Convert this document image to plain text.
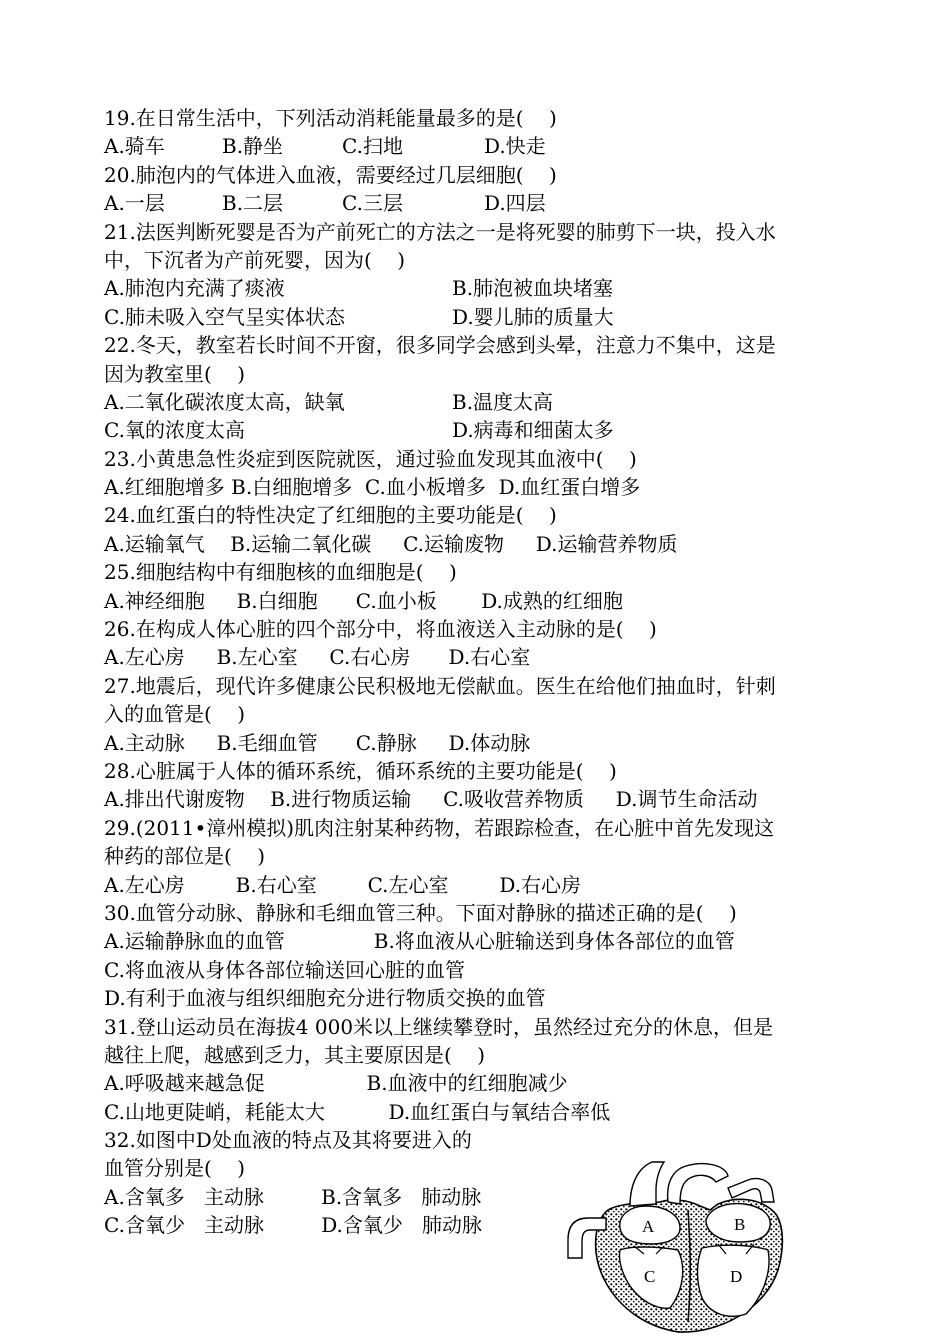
19.在日常生活中，下列活动消耗能量最多的是(    )
A.骑车	B.静坐	C.扫地	D.快走
20.肺泡内的气体进入血液，需要经过几层细胞(    )
A.一层	B.二层	C.三层	D.四层
21.法医判断死婴是否为产前死亡的方法之一是将死婴的肺剪下一块，投入水
中，下沉者为产前死婴，因为(    )
A.肺泡内充满了痰液	B.肺泡被血块堵塞
C.肺未吸入空气呈实体状态	D.婴儿肺的质量大
22.冬天，教室若长时间不开窗，很多同学会感到头晕，注意力不集中，这是
因为教室里(    )
A.二氧化碳浓度太高，缺氧	B.温度太高
C.氧的浓度太高	D.病毒和细菌太多
23.小黄患急性炎症到医院就医，通过验血发现其血液中(    )
A.红细胞增多 B.白细胞增多  C.血小板增多  D.血红蛋白增多
24.血红蛋白的特性决定了红细胞的主要功能是(    )
A.运输氧气    B.运输二氧化碳     C.运输废物     D.运输营养物质
25.细胞结构中有细胞核的血细胞是(    )
A.神经细胞     B.白细胞      C.血小板       D.成熟的红细胞
26.在构成人体心脏的四个部分中，将血液送入主动脉的是(    )
A.左心房     B.左心室     C.右心房      D.右心室
27.地震后，现代许多健康公民积极地无偿献血。医生在给他们抽血时，针刺
入的血管是(    )
A.主动脉     B.毛细血管      C.静脉     D.体动脉
28.心脏属于人体的循环系统，循环系统的主要功能是(    )
A.排出代谢废物    B.进行物质运输     C.吸收营养物质     D.调节生命活动
29.(2011•漳州模拟)肌肉注射某种药物，若跟踪检查，在心脏中首先发现这
种药的部位是(    )
A.左心房        B.右心室        C.左心室        D.右心房
30.血管分动脉、静脉和毛细血管三种。下面对静脉的描述正确的是(    )
A.运输静脉血的血管              B.将血液从心脏输送到身体各部位的血管
C.将血液从身体各部位输送回心脏的血管
D.有利于血液与组织细胞充分进行物质交换的血管
31.登山运动员在海拔4 000米以上继续攀登时，虽然经过充分的休息，但是
越往上爬，越感到乏力，其主要原因是(    )
A.呼吸越来越急促                B.血液中的红细胞减少
C.山地更陡峭，耗能太大          D.血红蛋白与氧结合率低
32.如图中D处血液的特点及其将要进入的
血管分别是(    )
A.含氧多   主动脉         B.含氧多   肺动脉
C.含氧少   主动脉         D.含氧少   肺动脉	A	B
C	D
